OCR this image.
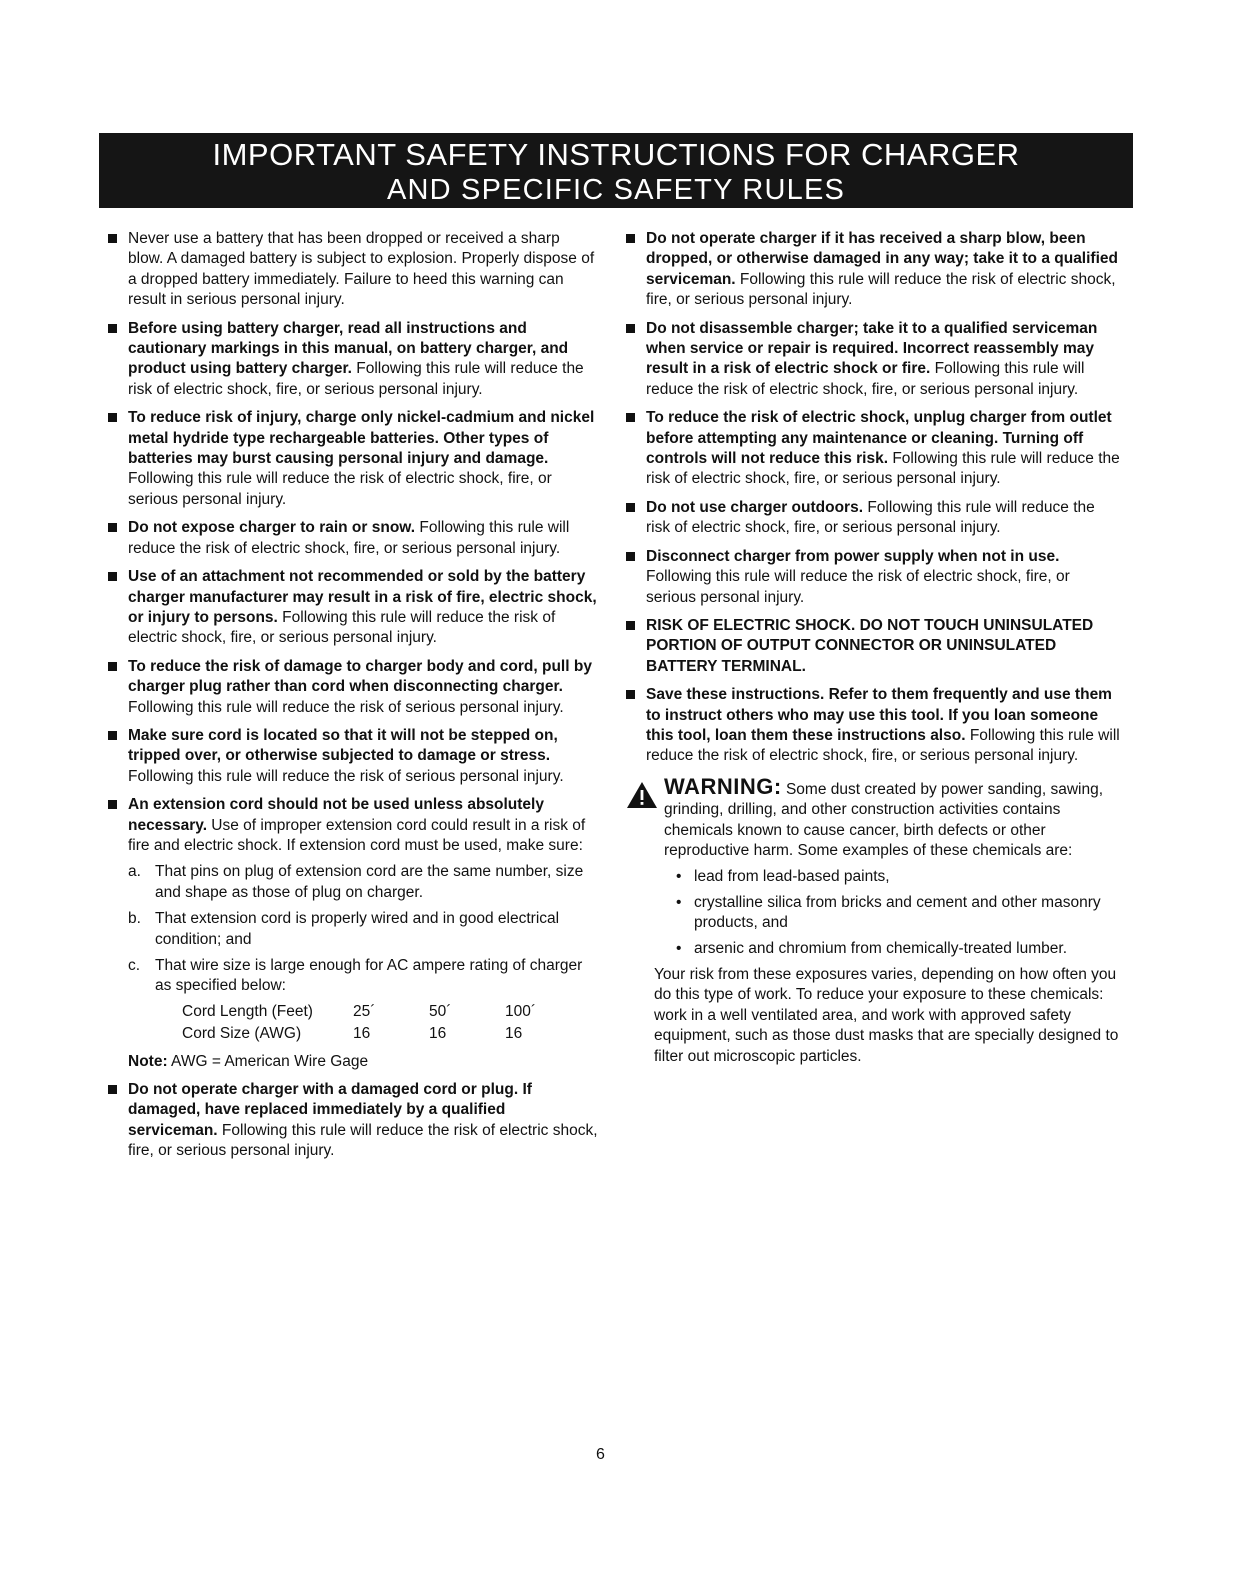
IMPORTANT SAFETY INSTRUCTIONS FOR CHARGER
AND SPECIFIC SAFETY RULES
Never use a battery that has been dropped or received a sharp blow. A damaged battery is subject to explosion. Properly dispose of a dropped battery immediately. Failure to heed this warning can result in serious personal injury.
Before using battery charger, read all instructions and cautionary markings in this manual, on battery charger, and product using battery charger. Following this rule will reduce the risk of electric shock, fire, or serious personal injury.
To reduce risk of injury, charge only nickel-cadmium and nickel metal hydride type rechargeable batteries. Other types of batteries may burst causing personal injury and damage. Following this rule will reduce the risk of electric shock, fire, or serious personal injury.
Do not expose charger to rain or snow. Following this rule will reduce the risk of electric shock, fire, or serious personal injury.
Use of an attachment not recommended or sold by the battery charger manufacturer may result in a risk of fire, electric shock, or injury to persons. Following this rule will reduce the risk of electric shock, fire, or serious personal injury.
To reduce the risk of damage to charger body and cord, pull by charger plug rather than cord when disconnecting charger. Following this rule will reduce the risk of serious personal injury.
Make sure cord is located so that it will not be stepped on, tripped over, or otherwise subjected to damage or stress. Following this rule will reduce the risk of serious personal injury.
An extension cord should not be used unless absolutely necessary. Use of improper extension cord could result in a risk of fire and electric shock. If extension cord must be used, make sure:
a. That pins on plug of extension cord are the same number, size and shape as those of plug on charger.
b. That extension cord is properly wired and in good electrical condition; and
c. That wire size is large enough for AC ampere rating of charger as specified below:
Cord Length (Feet)	25´	50´	100´
Cord Size (AWG)	16	16	16
Note: AWG = American Wire Gage
Do not operate charger with a damaged cord or plug. If damaged, have replaced immediately by a qualified serviceman. Following this rule will reduce the risk of electric shock, fire, or serious personal injury.
Do not operate charger if it has received a sharp blow, been dropped, or otherwise damaged in any way; take it to a qualified serviceman. Following this rule will reduce the risk of electric shock, fire, or serious personal injury.
Do not disassemble charger; take it to a qualified serviceman when service or repair is required. Incorrect reassembly may result in a risk of electric shock or fire. Following this rule will reduce the risk of electric shock, fire, or serious personal injury.
To reduce the risk of electric shock, unplug charger from outlet before attempting any maintenance or cleaning. Turning off controls will not reduce this risk. Following this rule will reduce the risk of electric shock, fire, or serious personal injury.
Do not use charger outdoors. Following this rule will reduce the risk of electric shock, fire, or serious personal injury.
Disconnect charger from power supply when not in use. Following this rule will reduce the risk of electric shock, fire, or serious personal injury.
RISK OF ELECTRIC SHOCK. DO NOT TOUCH UNINSULATED PORTION OF OUTPUT CONNECTOR OR UNINSULATED BATTERY TERMINAL.
Save these instructions. Refer to them frequently and use them to instruct others who may use this tool. If you loan someone this tool, loan them these instructions also. Following this rule will reduce the risk of electric shock, fire, or serious personal injury.
WARNING: Some dust created by power sanding, sawing, grinding, drilling, and other construction activities contains chemicals known to cause cancer, birth defects or other reproductive harm. Some examples of these chemicals are:
• lead from lead-based paints,
• crystalline silica from bricks and cement and other masonry products, and
• arsenic and chromium from chemically-treated lumber.
Your risk from these exposures varies, depending on how often you do this type of work. To reduce your exposure to these chemicals: work in a well ventilated area, and work with approved safety equipment, such as those dust masks that are specially designed to filter out microscopic particles.
6
